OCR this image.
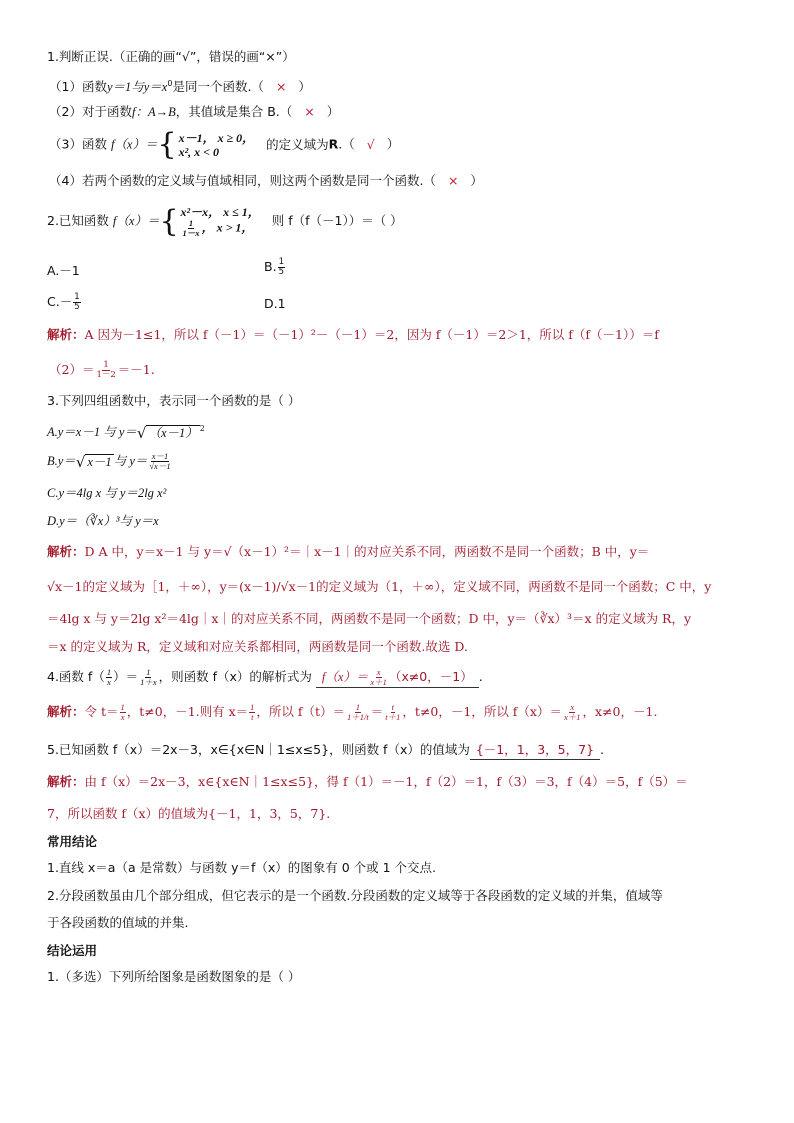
1.判断正误.（正确的画“√”，错误的画“×”）
（1）函数y＝1与$y=x^0$是同一个函数.（ × ）
（2）对于函数f：A→B，其值域是集合 B.（ × ）
（3）函数 f（x）＝ { x－1， x ≥ 0，
x², x < 0
的定义域为R.（ √ ）
（4）若两个函数的定义域与值域相同，则这两个函数是同一个函数.（ × ）
2.已知函数 f（x）＝ { x²－x， x ≤ 1，
$\frac{1}{1-x}$ ， x > 1，	则 f（f（－1））＝（ ）
A.－1	B. $\frac{1}{5}$
$C.- \frac{1}{5}$	D.1
解析：A 因为－1≤1，所以 f（－1）＝（－1）²－（－1）＝2，因为 f（－1）＝2＞1，所以 f（f（－1））＝f
$(2)= \frac{1}{1-2} =-1$.
3.下列四组函数中，表示同一个函数的是（ ）
A.y＝x－1 与 y＝ √ （x－1） $^2$
B.y＝ √ x－1 与 $y= \frac{x-1}{√x-1}$
C.y＝4lg x 与 y＝2lg x²
D.y＝（∛x）³与 y＝x
解析：D A 中，y＝x－1 与 y＝√（x－1）²＝｜x－1｜的对应关系不同，两函数不是同一个函数；B 中，y＝
√x－1的定义域为［1，＋∞），y＝(x－1)/√x－1的定义域为（1，＋∞），定义域不同，两函数不是同一个函数；C 中，y
＝4lg x 与 y＝2lg x²＝4lg｜x｜的对应关系不同，两函数不是同一个函数；D 中，y＝（∛x）³＝x 的定义域为 R，y
＝x 的定义域为 R，定义域和对应关系都相同，两函数是同一个函数.故选 D.
4.函数 $f( \frac{1}{x}$ ）＝ $\frac{1}{1+x}$ ，则函数 f（x）的解析式为 $f(x)= \frac{x}{x+1} (x\ne 0$，－1） .
解析：令 $t= \frac{1}{x}$ ，t≠0，－1.则有 $x= \frac{1}{t}$ ，所以 $f(t)= \frac{1}{1+1/t} = \frac{t}{t+1}$ ，t≠0，－1，所以 $f(x)= \frac{x}{x+1}$ ，x≠0，－1.
5.已知函数 f（x）＝2x－3，x∈{x∈N｜1≤x≤5}，则函数 f（x）的值域为 {－1，1，3，5，7} .
解析：由 f（x）＝2x－3，x∈{x∈N｜1≤x≤5}，得 f（1）＝－1，f（2）＝1，f（3）＝3，f（4）＝5，f（5）＝
7，所以函数 f（x）的值域为{－1，1，3，5，7}.
常用结论
1.直线 x＝a（a 是常数）与函数 y＝f（x）的图象有 0 个或 1 个交点.
2.分段函数虽由几个部分组成，但它表示的是一个函数.分段函数的定义域等于各段函数的定义域的并集，值域等
于各段函数的值域的并集.
结论运用
1.（多选）下列所给图象是函数图象的是（ ）
